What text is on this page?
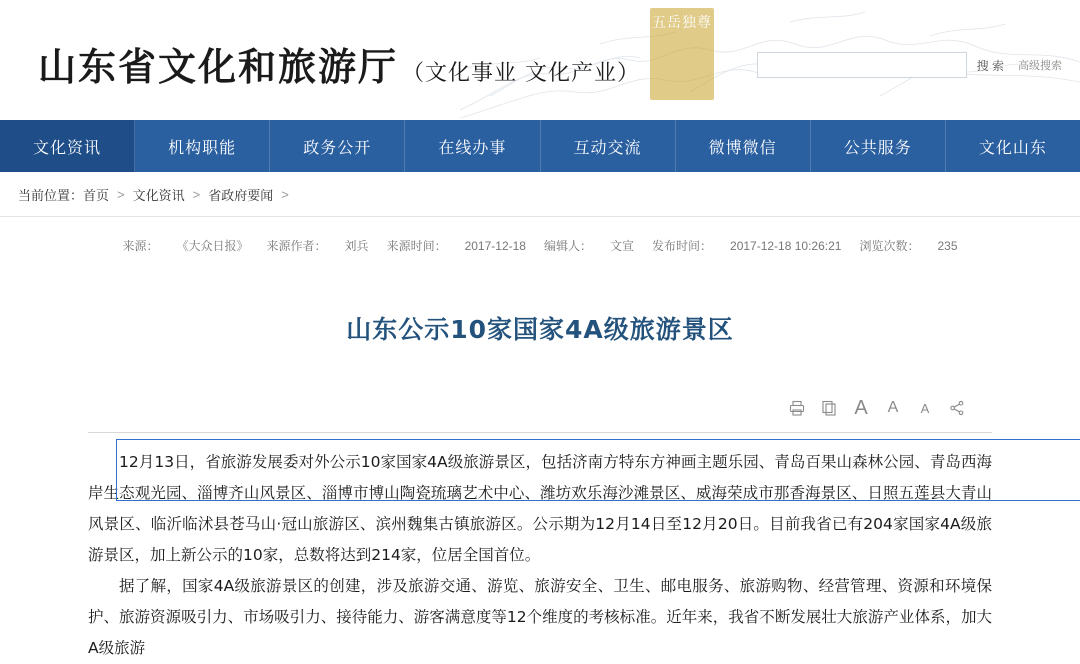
山东省文化和旅游厅 （文化事业 文化产业）
五岳独尊
搜 索 高级搜索
文化资讯	机构职能	政务公开	在线办事	互动交流	微博微信	公共服务	文化山东
当前位置： 首页 > 文化资讯 > 省政府要闻 >
来源： 《大众日报》 来源作者： 刘兵 来源时间： 2017-12-18 编辑人： 文宣 发布时间： 2017-12-18 10:26:21 浏览次数： 235
山东公示10家国家4A级旅游景区
A	A	A

12月13日，省旅游发展委对外公示10家国家4A级旅游景区，包括济南方特东方神画主题乐园、青岛百果山森林公园、青岛西海岸生态观光园、淄博齐山风景区、淄博市博山陶瓷琉璃艺术中心、潍坊欢乐海沙滩景区、威海荣成市那香海景区、日照五莲县大青山风景区、临沂临沭县苍马山·冠山旅游区、滨州魏集古镇旅游区。公示期为12月14日至12月20日。目前我省已有204家国家4A级旅游景区，加上新公示的10家，总数将达到214家，位居全国首位。

据了解，国家4A级旅游景区的创建，涉及旅游交通、游览、旅游安全、卫生、邮电服务、旅游购物、经营管理、资源和环境保护、旅游资源吸引力、市场吸引力、接待能力、游客满意度等12个维度的考核标准。近年来，我省不断发展壮大旅游产业体系，加大A级旅游
